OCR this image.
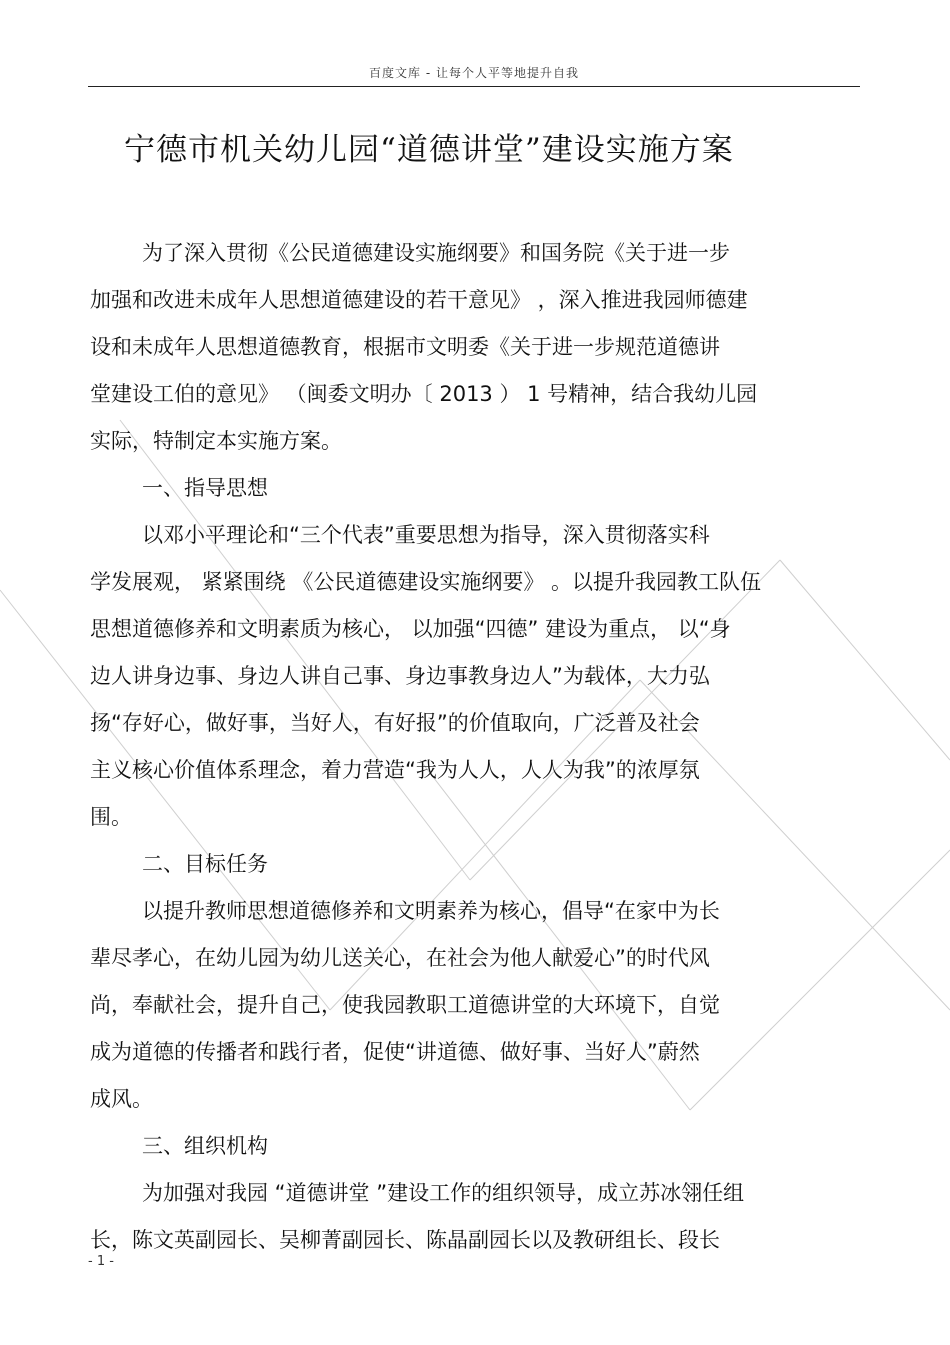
百度文库 - 让每个人平等地提升自我
宁德市机关幼儿园“道德讲堂”建设实施方案
为了深入贯彻《公民道德建设实施纲要》和国务院《关于进一步
加强和改进未成年人思想道德建设的若干意见》 ，深入推进我园师德建
设和未成年人思想道德教育，根据市文明委《关于进一步规范道德讲
堂建设工伯的意见》 （闽委文明办〔 2013 ） 1 号精神，结合我幼儿园
实际，特制定本实施方案。
一、指导思想
以邓小平理论和“三个代表”重要思想为指导，深入贯彻落实科
学发展观， 紧紧围绕 《公民道德建设实施纲要》 。以提升我园教工队伍
思想道德修养和文明素质为核心， 以加强“四德” 建设为重点， 以“身
边人讲身边事、身边人讲自己事、身边事教身边人”为载体，大力弘
扬“存好心，做好事，当好人，有好报”的价值取向，广泛普及社会
主义核心价值体系理念，着力营造“我为人人，人人为我”的浓厚氛
围。
二、目标任务
以提升教师思想道德修养和文明素养为核心，倡导“在家中为长
辈尽孝心，在幼儿园为幼儿送关心，在社会为他人献爱心”的时代风
尚，奉献社会，提升自己，使我园教职工道德讲堂的大环境下，自觉
成为道德的传播者和践行者，促使“讲道德、做好事、当好人”蔚然
成风。
三、组织机构
为加强对我园 “道德讲堂 ”建设工作的组织领导，成立苏冰翎任组
长，陈文英副园长、吴柳菁副园长、陈晶副园长以及教研组长、段长
- 1 -
